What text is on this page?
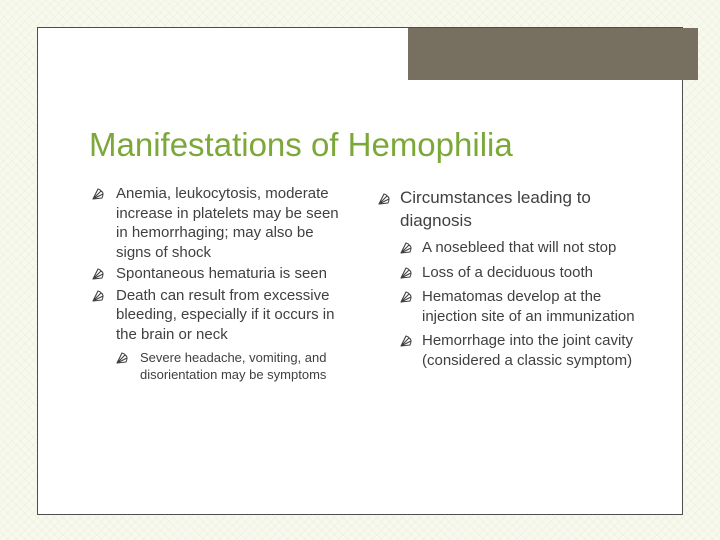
Manifestations of Hemophilia
Anemia, leukocytosis, moderate increase in platelets may be seen in hemorrhaging; may also be signs of shock
Spontaneous hematuria is seen
Death can result from excessive bleeding, especially if it occurs in the brain or neck
Severe headache, vomiting, and disorientation may be symptoms
Circumstances leading to diagnosis
A nosebleed that will not stop
Loss of a deciduous tooth
Hematomas develop at the injection site of an immunization
Hemorrhage into the joint cavity (considered a classic symptom)
